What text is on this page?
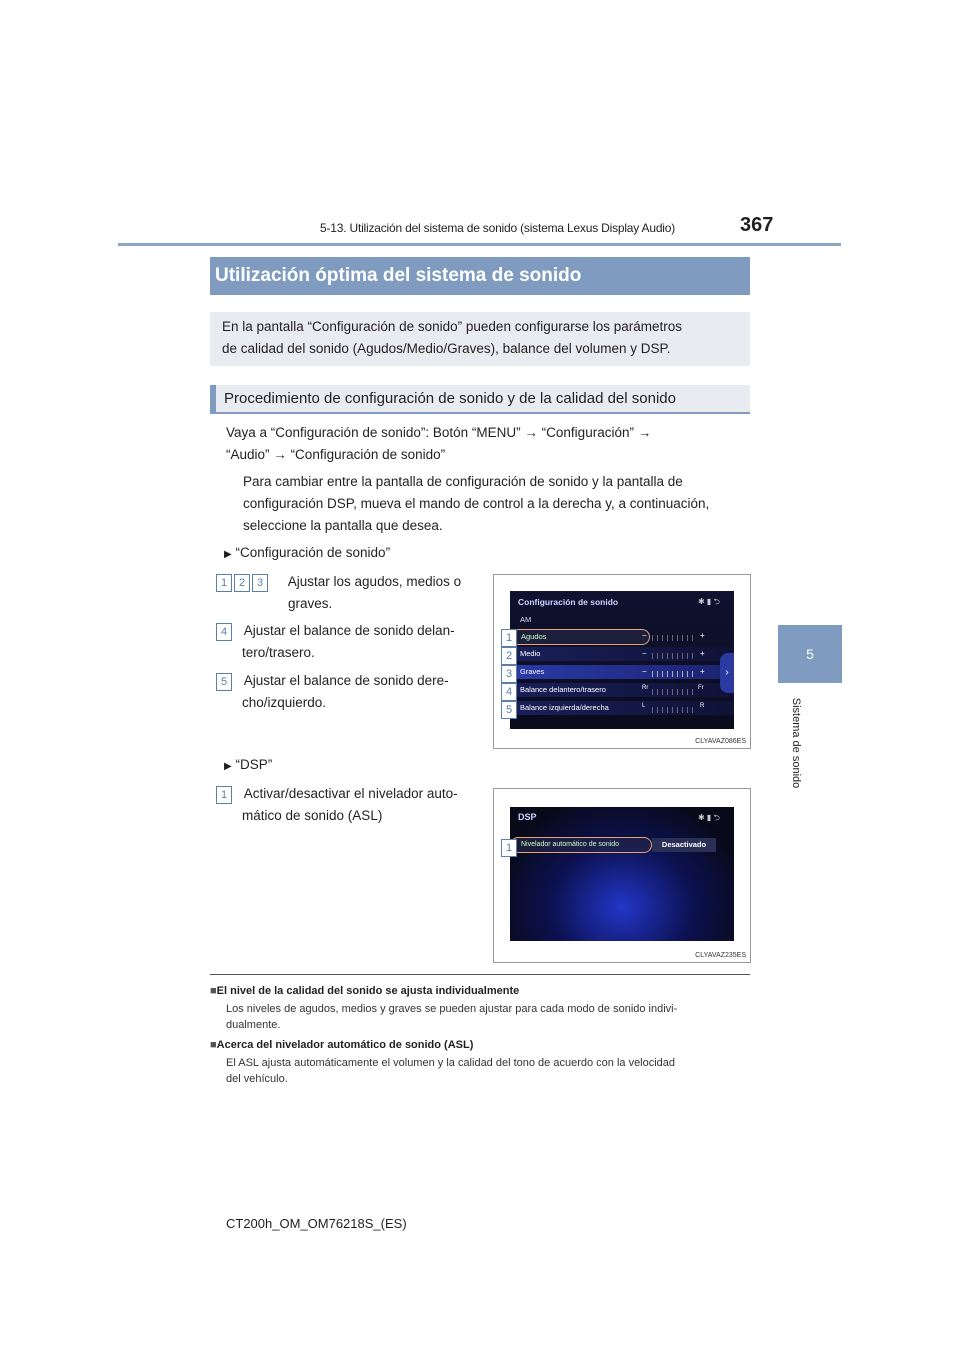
5-13. Utilización del sistema de sonido (sistema Lexus Display Audio)	367
5
Sistema de sonido
Utilización óptima del sistema de sonido
En la pantalla “Configuración de sonido” pueden configurarse los parámetros
de calidad del sonido (Agudos/Medio/Graves), balance del volumen y DSP.
Procedimiento de configuración de sonido y de la calidad del sonido
Vaya a “Configuración de sonido”: Botón “MENU” → “Configuración” →
“Audio” → “Configuración de sonido”
Para cambiar entre la pantalla de configuración de sonido y la pantalla de
configuración DSP, mueva el mando de control a la derecha y, a continuación,
seleccione la pantalla que desea.
▶ “Configuración de sonido”
1 2 3 Ajustar los agudos, medios o
graves.
4 Ajustar el balance de sonido delan-
tero/trasero.
5 Ajustar el balance de sonido dere-
cho/izquierdo.
Configuración de sonido	✱ ▮ ⮌
AM
Agudos
Medio
Graves
Balance delantero/trasero
Balance izquierda/derecha
−	+
−	+
−	+
Rr	Fr
L	R
›
1
2
3
4
5
CLYAVAZ086ES
▶ “DSP”
1 Activar/desactivar el nivelador auto-
mático de sonido (ASL)	DSP	✱ ▮ ⮌
Nivelador automático de sonido	Desactivado
1
CLYAVAZ235ES
■El nivel de la calidad del sonido se ajusta individualmente
Los niveles de agudos, medios y graves se pueden ajustar para cada modo de sonido indivi-
dualmente.
■Acerca del nivelador automático de sonido (ASL)
El ASL ajusta automáticamente el volumen y la calidad del tono de acuerdo con la velocidad
del vehículo.
CT200h_OM_OM76218S_(ES)
